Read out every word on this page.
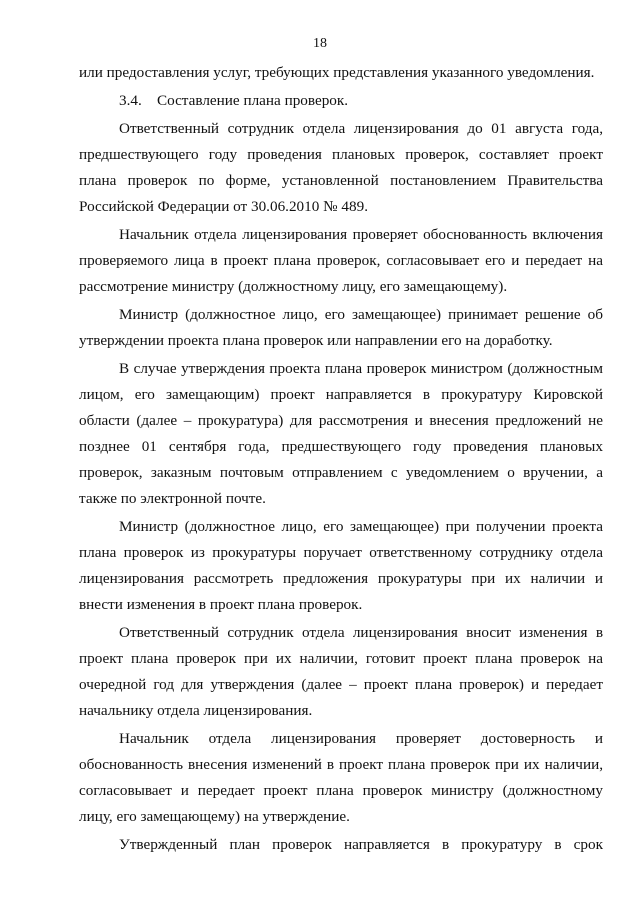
18

или предоставления услуг, требующих представления указанного уведомления.

3.4. Составление плана проверок.

Ответственный сотрудник отдела лицензирования до 01 августа года, предшествующего году проведения плановых проверок, составляет проект плана проверок по форме, установленной постановлением Правительства Российской Федерации от 30.06.2010 № 489.

Начальник отдела лицензирования проверяет обоснованность включения проверяемого лица в проект плана проверок, согласовывает его и передает на рассмотрение министру (должностному лицу, его замещающему).

Министр (должностное лицо, его замещающее) принимает решение об утверждении проекта плана проверок или направлении его на доработку.

В случае утверждения проекта плана проверок министром (должностным лицом, его замещающим) проект направляется в прокуратуру Кировской области (далее – прокуратура) для рассмотрения и внесения предложений не позднее 01 сентября года, предшествующего году проведения плановых проверок, заказным почтовым отправлением с уведомлением о вручении, а также по электронной почте.

Министр (должностное лицо, его замещающее) при получении проекта плана проверок из прокуратуры поручает ответственному сотруднику отдела лицензирования рассмотреть предложения прокуратуры при их наличии и внести изменения в проект плана проверок.

Ответственный сотрудник отдела лицензирования вносит изменения в проект плана проверок при их наличии, готовит проект плана проверок на очередной год для утверждения (далее – проект плана проверок) и передает начальнику отдела лицензирования.

Начальник отдела лицензирования проверяет достоверность и обоснованность внесения изменений в проект плана проверок при их наличии, согласовывает и передает проект плана проверок министру (должностному лицу, его замещающему) на утверждение.

Утвержденный план проверок направляется в прокуратуру в срок
